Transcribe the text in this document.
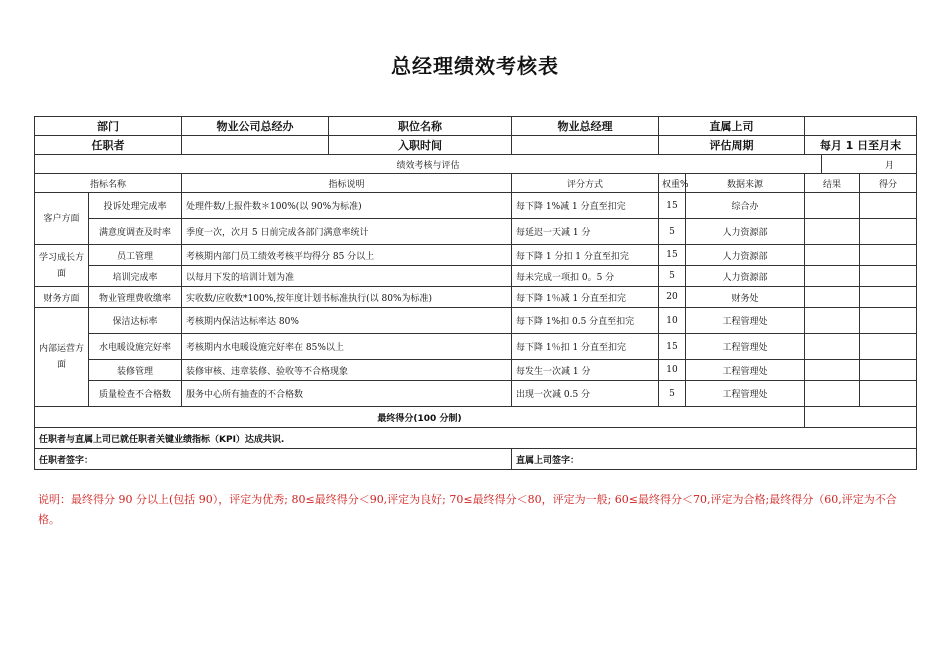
总经理绩效考核表
部门		物业公司总经办	职位名称	物业总经理	直属上司				
任职者			入职时间		评估周期		每月 1 日至月末		
绩效考核与评估								月	
指标名称		指标说明		评分方式	权重%	数据来源	结果		得分
客户方面	投诉处理完成率	处理件数/上报件数＊100%(以 90%为标准)		每下降 1%减 1 分直至扣完	15	综合办			
	满意度调查及时率	季度一次，次月 5 日前完成各部门满意率统计		每延迟一天减 1 分	5	人力资源部			
学习成长方面	员工管理	考核期内部门员工绩效考核平均得分 85 分以上		每下降 1 分扣 1 分直至扣完	15	人力资源部			
	培训完成率	以每月下发的培训计划为准		每未完成一项扣 0。5 分	5	人力资源部			
财务方面	物业管理费收缴率	实收数/应收数*100%,按年度计划书标准执行(以 80%为标准)		每下降 1％减 1 分直至扣完	20	财务处			
内部运营方面	保洁达标率	考核期内保洁达标率达 80%		每下降 1%扣 0.5 分直至扣完	10	工程管理处			
	水电暖设施完好率	考核期内水电暖设施完好率在 85%以上		每下降 1％扣 1 分直至扣完	15	工程管理处			
	装修管理	装修审核、违章装修、验收等不合格现象		每发生一次减 1 分	10	工程管理处			
	质量检查不合格数	服务中心所有抽查的不合格数		出现一次减 0.5 分	5	工程管理处			
最终得分(100 分制)									
任职者与直属上司已就任职者关键业绩指标（KPI）达成共识.									
任职者签字：				直属上司签字：					
说明：最终得分 90 分以上(包括 90），评定为优秀; 80≤最终得分＜90,评定为良好; 70≤最终得分＜80，评定为一般; 60≤最终得分＜70,评定为合格;最终得分（60,评定为不合格。
